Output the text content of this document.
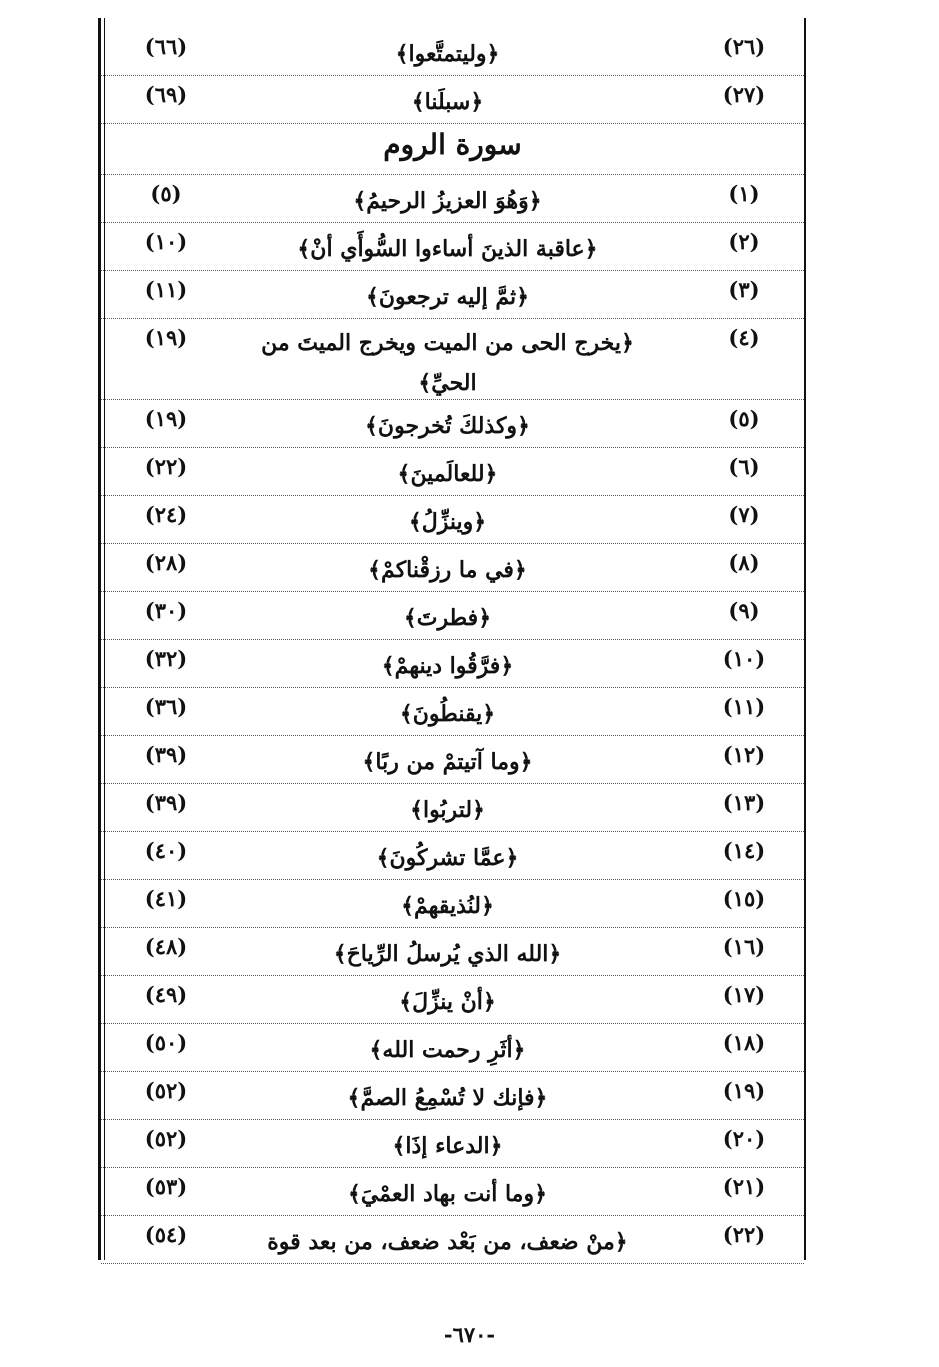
(٢٦)
﴿وليتمتَّعوا﴾
(٦٦)
(٢٧)
﴿سبلَنا﴾
(٦٩)
سورة الروم
(١)
﴿وَهُوَ العزيزُ الرحيمُ﴾
(٥)
(٢)
﴿عاقبة الذينَ أساءوا السُّوأَي أنْ﴾
(١٠)
(٣)
﴿ثمَّ إليه ترجعونَ﴾
(١١)
(٤)
﴿يخرج الحى من الميت ويخرج الميتَ من الحيِّ﴾
(١٩)
(٥)
﴿وكذلكَ تُخرجونَ﴾
(١٩)
(٦)
﴿للعالَمينَ﴾
(٢٢)
(٧)
﴿وينزِّلُ﴾
(٢٤)
(٨)
﴿في ما رزقْناكمْ﴾
(٢٨)
(٩)
﴿فطرتَ﴾
(٣٠)
(١٠)
﴿فرَّقُوا دينهمْ﴾
(٣٢)
(١١)
﴿يقنطُونَ﴾
(٣٦)
(١٢)
﴿وما آتيتمْ من ربًا﴾
(٣٩)
(١٣)
﴿لتربُوا﴾
(٣٩)
(١٤)
﴿عمَّا تشركُونَ﴾
(٤٠)
(١٥)
﴿لنُذيقهمْ﴾
(٤١)
(١٦)
﴿الله الذي يُرسلُ الرِّياحَ﴾
(٤٨)
(١٧)
﴿أنْ ينزِّلَ﴾
(٤٩)
(١٨)
﴿أثَرِ رحمت الله﴾
(٥٠)
(١٩)
﴿فإنك لا تُسْمِعُ الصمَّ﴾
(٥٢)
(٢٠)
﴿الدعاء إذَا﴾
(٥٢)
(٢١)
﴿وما أنت بهاد العمْيَ﴾
(٥٣)
(٢٢)
﴿منْ ضعف، من بَعْد ضعف، من بعد قوة
(٥٤)
-٦٧٠-
